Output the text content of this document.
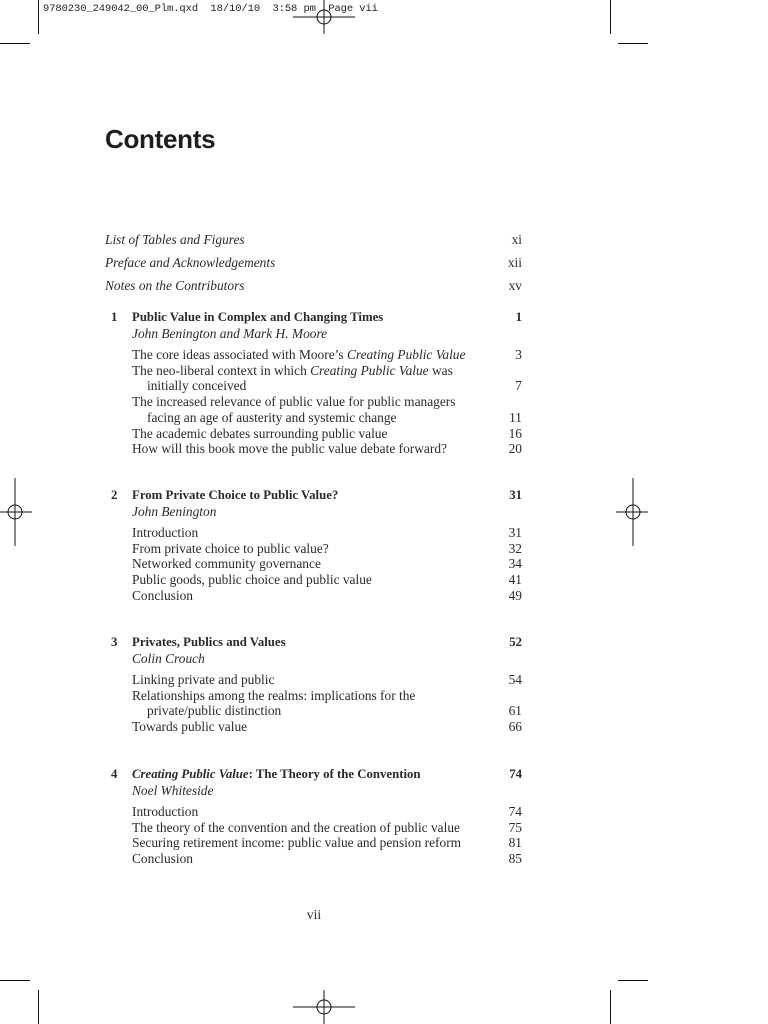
9780230_249042_00_Plm.qxd  18/10/10  3:58 pm  Page vii
Contents
List of Tables and Figures	xi
Preface and Acknowledgements	xii
Notes on the Contributors	xv
1 Public Value in Complex and Changing Times	1
John Benington and Mark H. Moore
The core ideas associated with Moore’s Creating Public Value	3
The neo-liberal context in which Creating Public Value was
initially conceived	7
The increased relevance of public value for public managers
facing an age of austerity and systemic change	11
The academic debates surrounding public value	16
How will this book move the public value debate forward?	20
2 From Private Choice to Public Value?	31
John Benington
Introduction	31
From private choice to public value?	32
Networked community governance	34
Public goods, public choice and public value	41
Conclusion	49
3 Privates, Publics and Values	52
Colin Crouch
Linking private and public	54
Relationships among the realms: implications for the
private/public distinction	61
Towards public value	66
4 Creating Public Value: The Theory of the Convention	74
Noel Whiteside
Introduction	74
The theory of the convention and the creation of public value	75
Securing retirement income: public value and pension reform	81
Conclusion	85
vii
